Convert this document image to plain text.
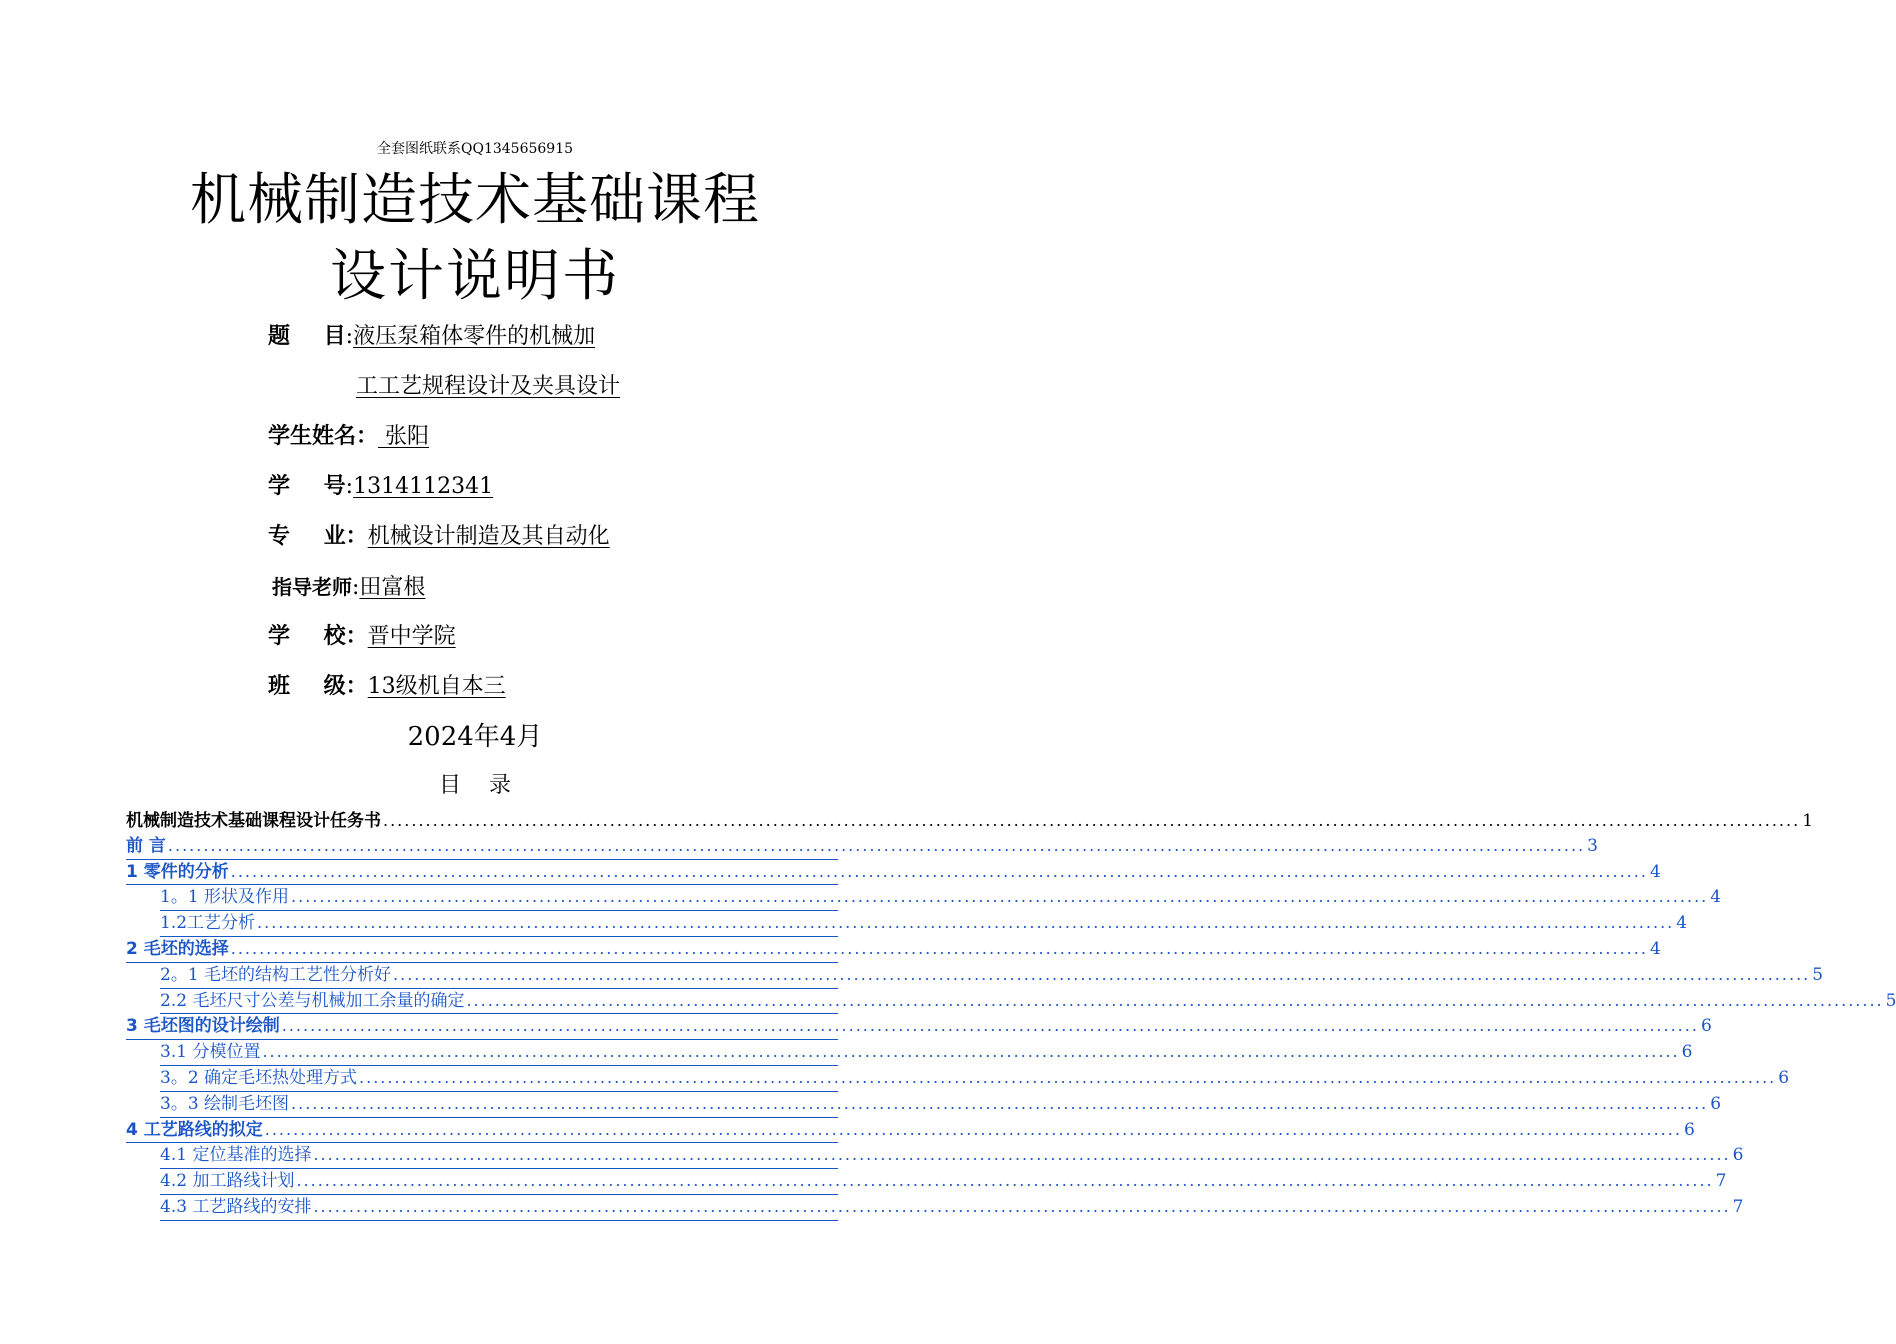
全套图纸联系QQ1345656915
机械制造技术基础课程
设计说明书
题 目:液压泵箱体零件的机械加
工工艺规程设计及夹具设计
学生姓名： 张阳
学 号:1314112341
专 业：机械设计制造及其自动化
指导老师:田富根
学 校：晋中学院
班 级：13级机自本三
2024年4月
目 录
机械制造技术基础课程设计任务书 ........................................................................................................................................................................................................ 1
前 言 ........................................................................................................................................................................................................ 3
1 零件的分析 ........................................................................................................................................................................................................ 4
1。1 形状及作用 ........................................................................................................................................................................................................ 4
1.2工艺分析 ........................................................................................................................................................................................................ 4
2 毛坯的选择 ........................................................................................................................................................................................................ 4
2。1 毛坯的结构工艺性分析好 ........................................................................................................................................................................................................ 5
2.2 毛坯尺寸公差与机械加工余量的确定 ........................................................................................................................................................................................................ 5
3 毛坯图的设计绘制 ........................................................................................................................................................................................................ 6
3.1 分模位置 ........................................................................................................................................................................................................ 6
3。2 确定毛坯热处理方式 ........................................................................................................................................................................................................ 6
3。3 绘制毛坯图 ........................................................................................................................................................................................................ 6
4 工艺路线的拟定 ........................................................................................................................................................................................................ 6
4.1 定位基准的选择 ........................................................................................................................................................................................................ 6
4.2 加工路线计划 ........................................................................................................................................................................................................ 7
4.3 工艺路线的安排 ........................................................................................................................................................................................................ 7
